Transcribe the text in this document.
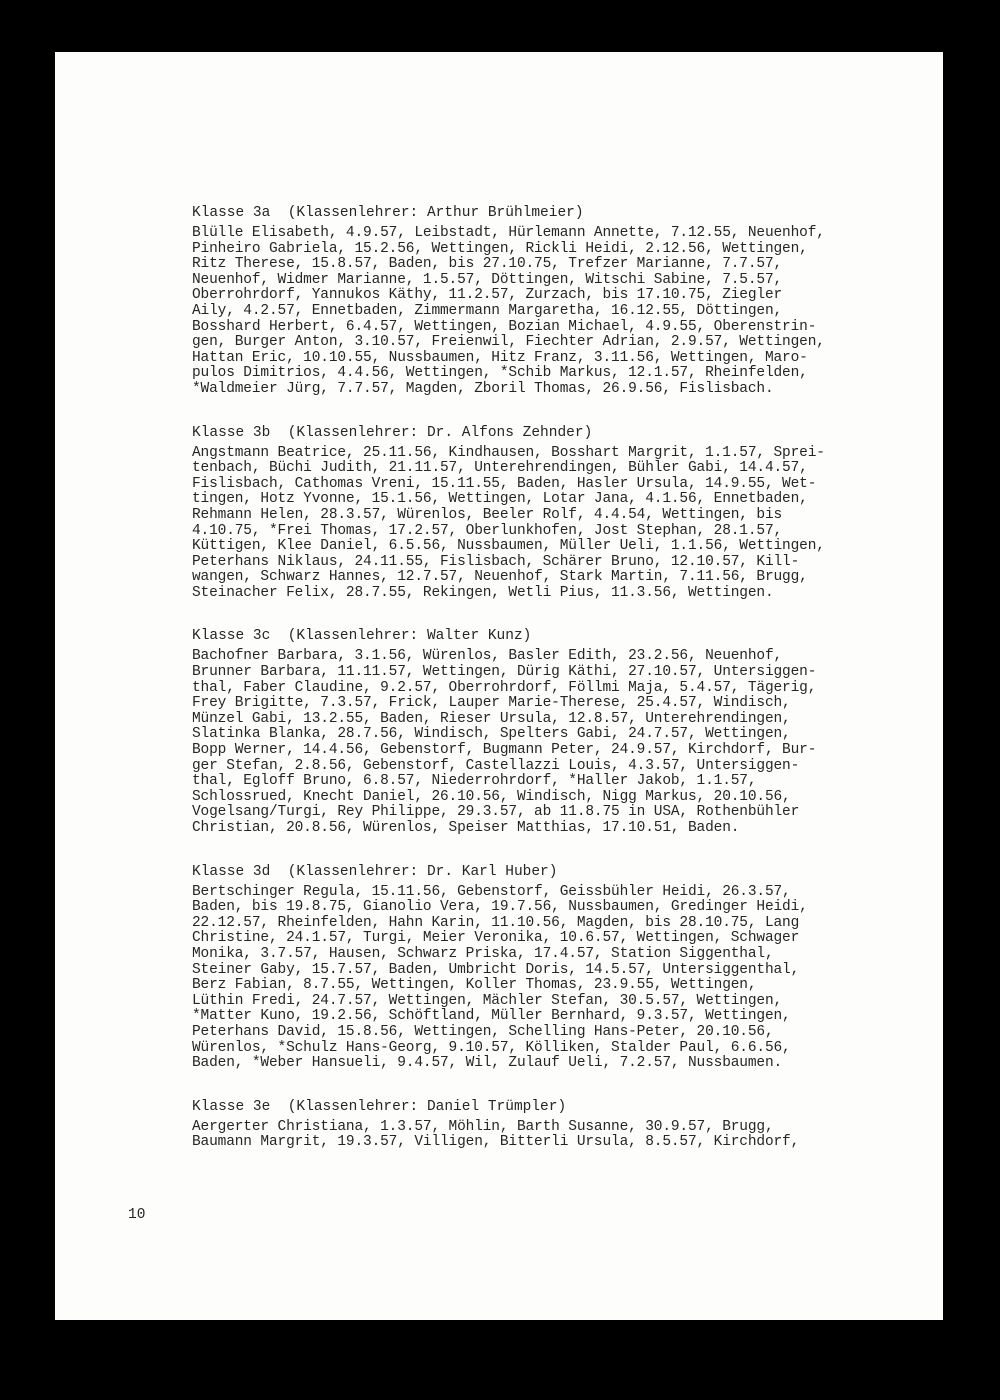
Klasse 3a  (Klassenlehrer: Arthur Brühlmeier)
Blülle Elisabeth, 4.9.57, Leibstadt, Hürlemann Annette, 7.12.55, Neuenhof,
Pinheiro Gabriela, 15.2.56, Wettingen, Rickli Heidi, 2.12.56, Wettingen,
Ritz Therese, 15.8.57, Baden, bis 27.10.75, Trefzer Marianne, 7.7.57,
Neuenhof, Widmer Marianne, 1.5.57, Döttingen, Witschi Sabine, 7.5.57,
Oberrohrdorf, Yannukos Käthy, 11.2.57, Zurzach, bis 17.10.75, Ziegler
Aily, 4.2.57, Ennetbaden, Zimmermann Margaretha, 16.12.55, Döttingen,
Bosshard Herbert, 6.4.57, Wettingen, Bozian Michael, 4.9.55, Oberenstrin-
gen, Burger Anton, 3.10.57, Freienwil, Fiechter Adrian, 2.9.57, Wettingen,
Hattan Eric, 10.10.55, Nussbaumen, Hitz Franz, 3.11.56, Wettingen, Maro-
pulos Dimitrios, 4.4.56, Wettingen, *Schib Markus, 12.1.57, Rheinfelden,
*Waldmeier Jürg, 7.7.57, Magden, Zboril Thomas, 26.9.56, Fislisbach.
Klasse 3b  (Klassenlehrer: Dr. Alfons Zehnder)
Angstmann Beatrice, 25.11.56, Kindhausen, Bosshart Margrit, 1.1.57, Sprei-
tenbach, Büchi Judith, 21.11.57, Unterehrendingen, Bühler Gabi, 14.4.57,
Fislisbach, Cathomas Vreni, 15.11.55, Baden, Hasler Ursula, 14.9.55, Wet-
tingen, Hotz Yvonne, 15.1.56, Wettingen, Lotar Jana, 4.1.56, Ennetbaden,
Rehmann Helen, 28.3.57, Würenlos, Beeler Rolf, 4.4.54, Wettingen, bis
4.10.75, *Frei Thomas, 17.2.57, Oberlunkhofen, Jost Stephan, 28.1.57,
Küttigen, Klee Daniel, 6.5.56, Nussbaumen, Müller Ueli, 1.1.56, Wettingen,
Peterhans Niklaus, 24.11.55, Fislisbach, Schärer Bruno, 12.10.57, Kill-
wangen, Schwarz Hannes, 12.7.57, Neuenhof, Stark Martin, 7.11.56, Brugg,
Steinacher Felix, 28.7.55, Rekingen, Wetli Pius, 11.3.56, Wettingen.
Klasse 3c  (Klassenlehrer: Walter Kunz)
Bachofner Barbara, 3.1.56, Würenlos, Basler Edith, 23.2.56, Neuenhof,
Brunner Barbara, 11.11.57, Wettingen, Dürig Käthi, 27.10.57, Untersiggen-
thal, Faber Claudine, 9.2.57, Oberrohrdorf, Föllmi Maja, 5.4.57, Tägerig,
Frey Brigitte, 7.3.57, Frick, Lauper Marie-Therese, 25.4.57, Windisch,
Münzel Gabi, 13.2.55, Baden, Rieser Ursula, 12.8.57, Unterehrendingen,
Slatinka Blanka, 28.7.56, Windisch, Spelters Gabi, 24.7.57, Wettingen,
Bopp Werner, 14.4.56, Gebenstorf, Bugmann Peter, 24.9.57, Kirchdorf, Bur-
ger Stefan, 2.8.56, Gebenstorf, Castellazzi Louis, 4.3.57, Untersiggen-
thal, Egloff Bruno, 6.8.57, Niederrohrdorf, *Haller Jakob, 1.1.57,
Schlossrued, Knecht Daniel, 26.10.56, Windisch, Nigg Markus, 20.10.56,
Vogelsang/Turgi, Rey Philippe, 29.3.57, ab 11.8.75 in USA, Rothenbühler
Christian, 20.8.56, Würenlos, Speiser Matthias, 17.10.51, Baden.
Klasse 3d  (Klassenlehrer: Dr. Karl Huber)
Bertschinger Regula, 15.11.56, Gebenstorf, Geissbühler Heidi, 26.3.57,
Baden, bis 19.8.75, Gianolio Vera, 19.7.56, Nussbaumen, Gredinger Heidi,
22.12.57, Rheinfelden, Hahn Karin, 11.10.56, Magden, bis 28.10.75, Lang
Christine, 24.1.57, Turgi, Meier Veronika, 10.6.57, Wettingen, Schwager
Monika, 3.7.57, Hausen, Schwarz Priska, 17.4.57, Station Siggenthal,
Steiner Gaby, 15.7.57, Baden, Umbricht Doris, 14.5.57, Untersiggenthal,
Berz Fabian, 8.7.55, Wettingen, Koller Thomas, 23.9.55, Wettingen,
Lüthin Fredi, 24.7.57, Wettingen, Mächler Stefan, 30.5.57, Wettingen,
*Matter Kuno, 19.2.56, Schöftland, Müller Bernhard, 9.3.57, Wettingen,
Peterhans David, 15.8.56, Wettingen, Schelling Hans-Peter, 20.10.56,
Würenlos, *Schulz Hans-Georg, 9.10.57, Kölliken, Stalder Paul, 6.6.56,
Baden, *Weber Hansueli, 9.4.57, Wil, Zulauf Ueli, 7.2.57, Nussbaumen.
Klasse 3e  (Klassenlehrer: Daniel Trümpler)
Aergerter Christiana, 1.3.57, Möhlin, Barth Susanne, 30.9.57, Brugg,
Baumann Margrit, 19.3.57, Villigen, Bitterli Ursula, 8.5.57, Kirchdorf,
10
